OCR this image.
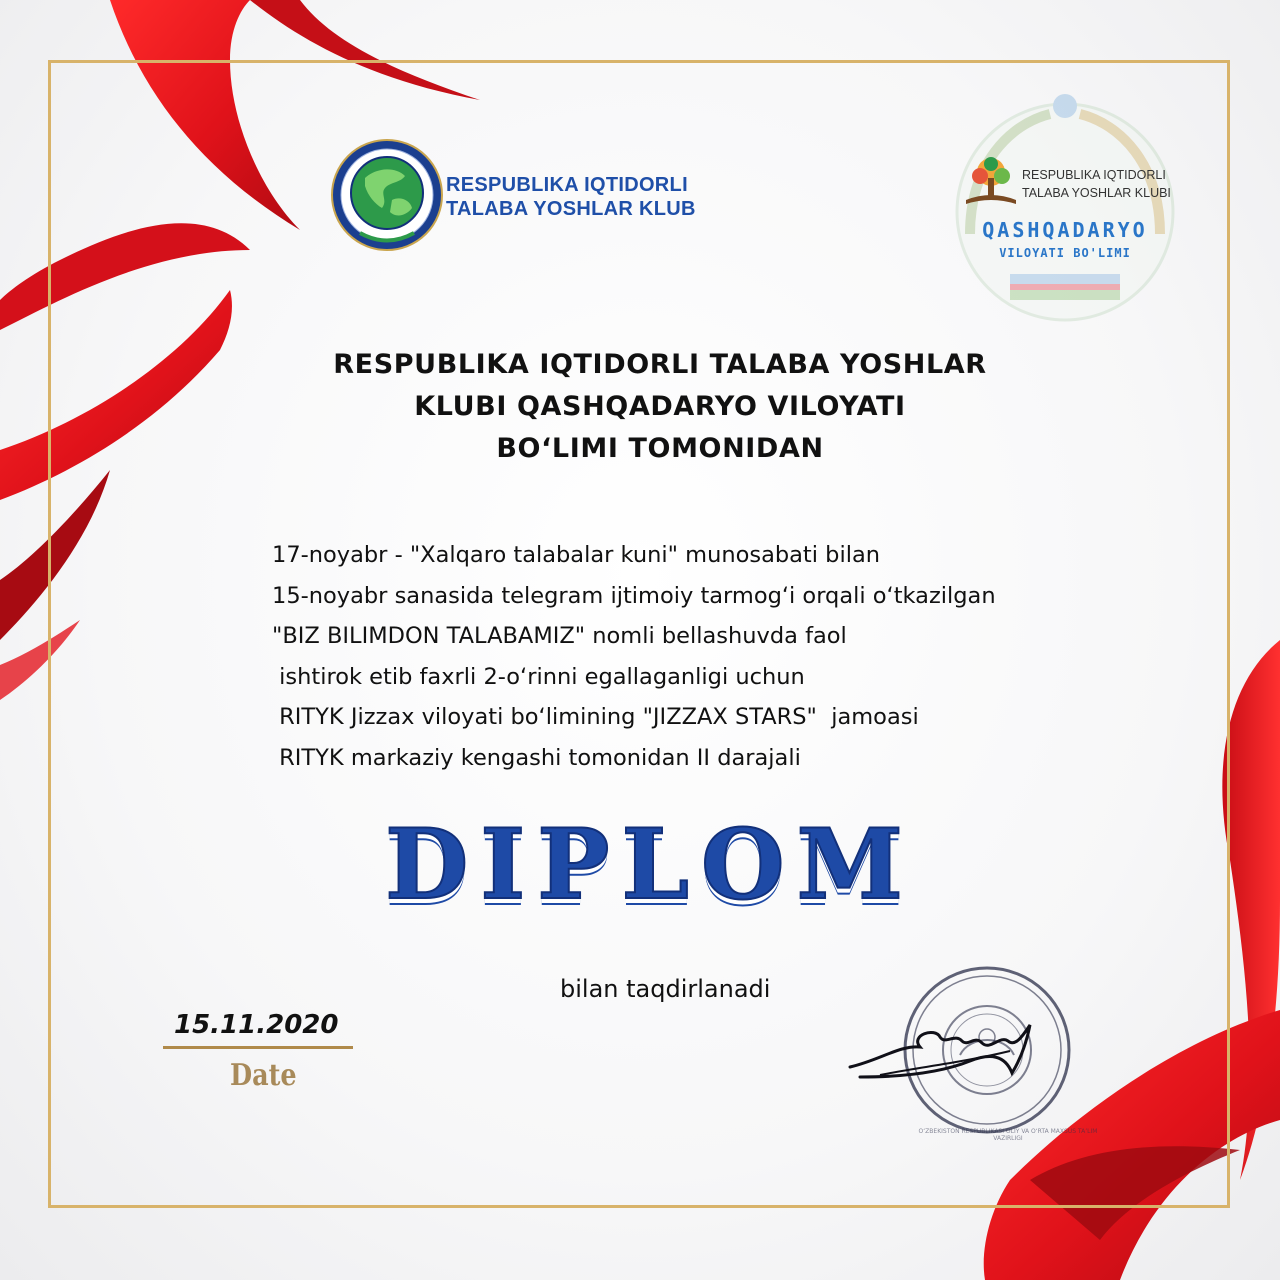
RESPUBLIKA IQTIDORLI
TALABA YOSHLAR KLUB
RESPUBLIKA IQTIDORLI
TALABA YOSHLAR KLUBI
QASHQADARYO
VILOYATI BO'LIMI
RESPUBLIKA IQTIDORLI TALABA YOSHLAR
KLUBI QASHQADARYO VILOYATI
BO‘LIMI TOMONIDAN
17-noyabr - "Xalqaro talabalar kuni" munosabati bilan
15-noyabr sanasida telegram ijtimoiy tarmog‘i orqali o‘tkazilgan
"BIZ BILIMDON TALABAMIZ" nomli bellashuvda faol
ishtirok etib faxrli 2-o‘rinni egallaganligi uchun
RITYK Jizzax viloyati bo‘limining "JIZZAX STARS"  jamoasi
RITYK markaziy kengashi tomonidan II darajali
DIPLOM
bilan taqdirlanadi
15.11.2020
Date
O‘ZBEKISTON RESPUBLIKASI OLIY VA O‘RTA MAXSUS TA’LIM VAZIRLIGI
